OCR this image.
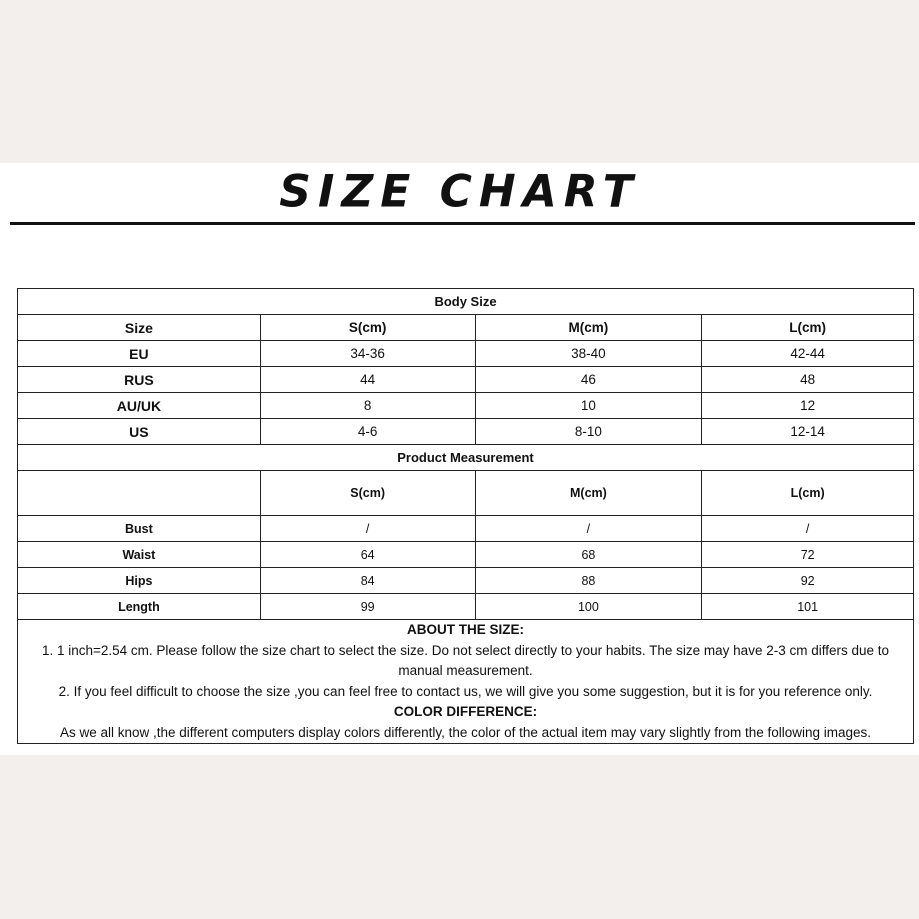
SIZE CHART
Body Size			
Size	S(cm)	M(cm)	L(cm)
EU	34-36	38-40	42-44
RUS	44	46	48
AU/UK	8	10	12
US	4-6	8-10	12-14
Product Measurement			
	S(cm)	M(cm)	L(cm)
Bust	/	/	/
Waist	64	68	72
Hips	84	88	92
Length	99	100	101

ABOUT THE SIZE:
1. 1 inch=2.54 cm. Please follow the size chart to select the size. Do not select directly to your habits. The size may have 2-3 cm differs due to manual measurement.
2. If you feel difficult to choose the size ,you can feel free to contact us, we will give you some suggestion, but it is for you reference only.
COLOR DIFFERENCE:
As we all know ,the different computers display colors differently, the color of the actual item may vary slightly from the following images.			
